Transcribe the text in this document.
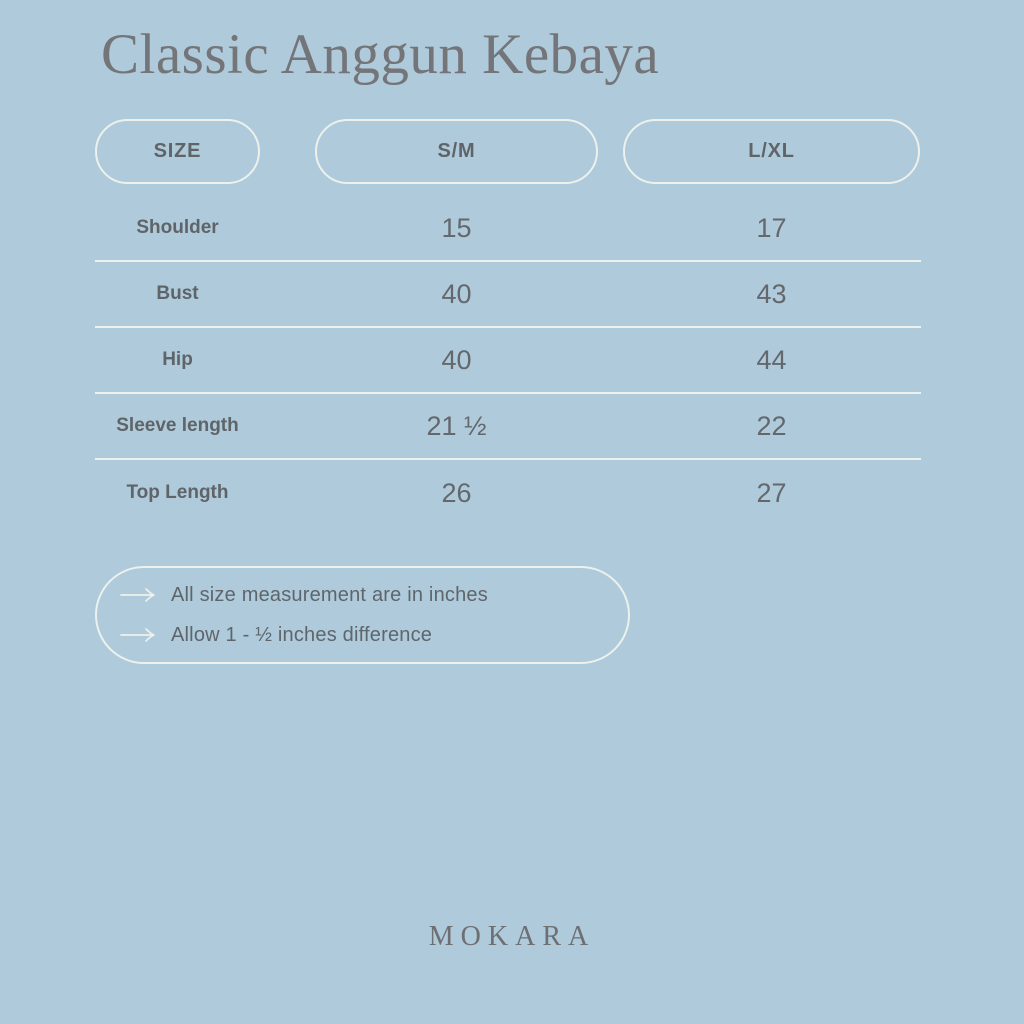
Classic Anggun Kebaya
SIZE	S/M	L/XL
Shoulder	15	17
Bust	40	43
Hip	40	44
Sleeve length	21 ½	22
Top Length	26	27
All size measurement are in inches
Allow 1 - ½ inches difference
MOKARA
